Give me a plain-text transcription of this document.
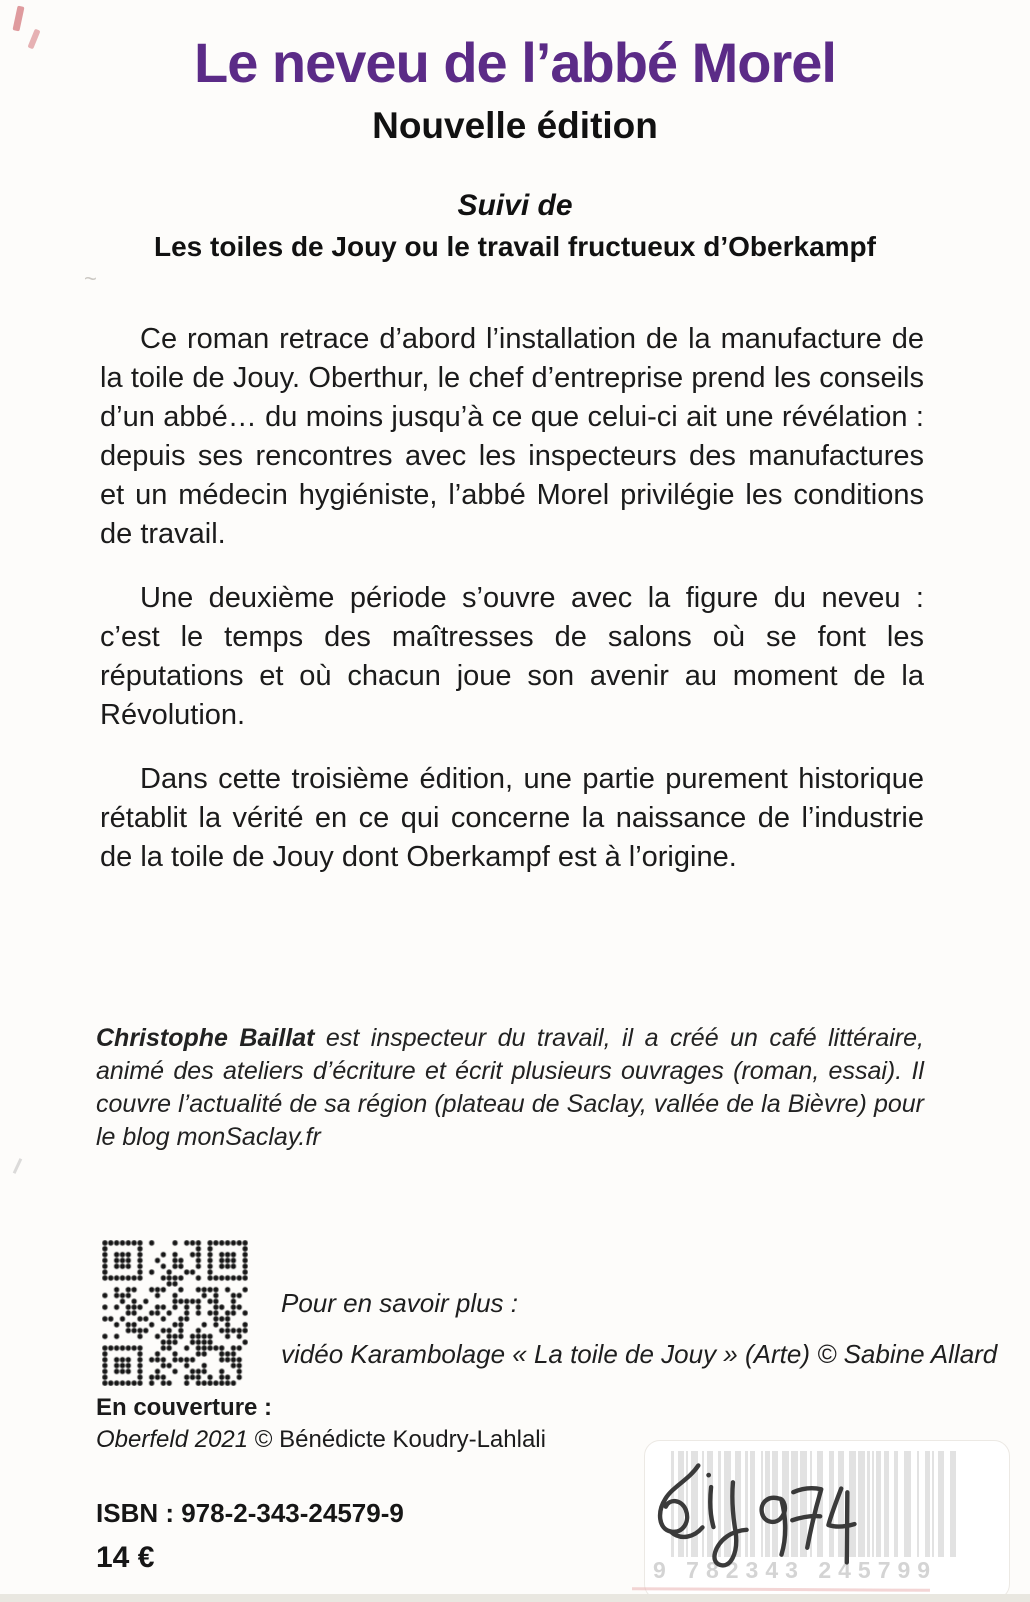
~
Le neveu de l’abbé Morel
Nouvelle édition
Suivi de
Les toiles de Jouy ou le travail fructueux d’Oberkampf

Ce roman retrace d’abord l’installation de la manufacture de la toile de Jouy. Oberthur, le chef d’entreprise prend les conseils d’un abbé… du moins jusqu’à ce que celui-ci ait une révélation : depuis ses rencontres avec les inspecteurs des manufactures et un médecin hygiéniste, l’abbé Morel privilégie les conditions de travail.

Une deuxième période s’ouvre avec la figure du neveu : c’est le temps des maîtresses de salons où se font les réputations et où chacun joue son avenir au moment de la Révolution.

Dans cette troisième édition, une partie purement historique rétablit la vérité en ce qui concerne la naissance de l’industrie de la toile de Jouy dont Oberkampf est à l’origine.

Christophe Baillat est inspecteur du travail, il a créé un café littéraire, animé des ateliers d’écriture et écrit plusieurs ouvrages (roman, essai). Il couvre l’actualité de sa région (plateau de Saclay, vallée de la Bièvre) pour le blog monSaclay.fr
Pour en savoir plus :
vidéo Karambolage « La toile de Jouy » (Arte) © Sabine Allard
En couverture :
Oberfeld 2021 © Bénédicte Koudry-Lahlali
ISBN : 978-2-343-24579-9
14 €	9 782343 245799
